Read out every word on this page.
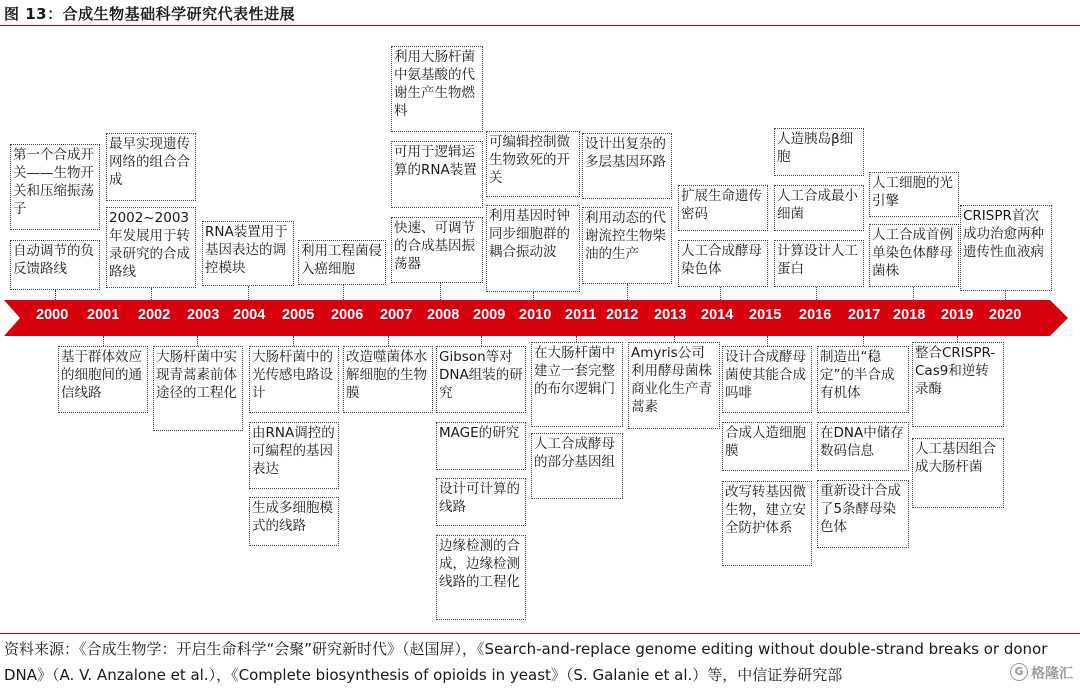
图 13：合成生物基础科学研究代表性进展
2000 2001 2002 2003 2004 2005 2006 2007 2008 2009 2010 2011 2012 2013 2014 2015 2016 2017 2018 2019 2020
第一个合成开关——生物开关和压缩振荡子
自动调节的负反馈路线
最早实现遗传网络的组合合成
2002~2003年发展用于转录研究的合成路线
RNA装置用于基因表达的调控模块
利用工程菌侵入癌细胞
利用大肠杆菌中氨基酸的代谢生产生物燃料
可用于逻辑运算的RNA装置
快速、可调节的合成基因振荡器
可编辑控制微生物致死的开关
利用基因时钟同步细胞群的耦合振动波
设计出复杂的多层基因环路
利用动态的代谢流控生物柴油的生产
扩展生命遗传密码
人工合成酵母染色体
人造胰岛β细胞
人工合成最小细菌
计算设计人工蛋白
人工细胞的光引擎
人工合成首例单染色体酵母菌株
CRISPR首次成功治愈两种遗传性血液病
基于群体效应的细胞间的通信线路
大肠杆菌中实现青蒿素前体途径的工程化
大肠杆菌中的光传感电路设计
由RNA调控的可编程的基因表达
生成多细胞模式的线路
改造噬菌体水解细胞的生物膜
Gibson等对DNA组装的研究
MAGE的研究
设计可计算的线路
边缘检测的合成，边缘检测线路的工程化
在大肠杆菌中建立一套完整的布尔逻辑门
人工合成酵母的部分基因组
Amyris公司利用酵母菌株商业化生产青蒿素
设计合成酵母菌使其能合成吗啡
合成人造细胞膜
改写转基因微生物，建立安全防护体系
制造出“稳定”的半合成有机体
在DNA中储存数码信息
重新设计合成了5条酵母染色体
整合CRISPR-Cas9和逆转录酶
人工基因组合成大肠杆菌
资料来源：《合成生物学：开启生命科学“会聚”研究新时代》（赵国屏），《Search-and-replace genome editing without double-strand breaks or donor DNA》（A. V. Anzalone et al.），《Complete biosynthesis of opioids in yeast》（S. Galanie et al.）等，中信证券研究部	G 格隆汇
